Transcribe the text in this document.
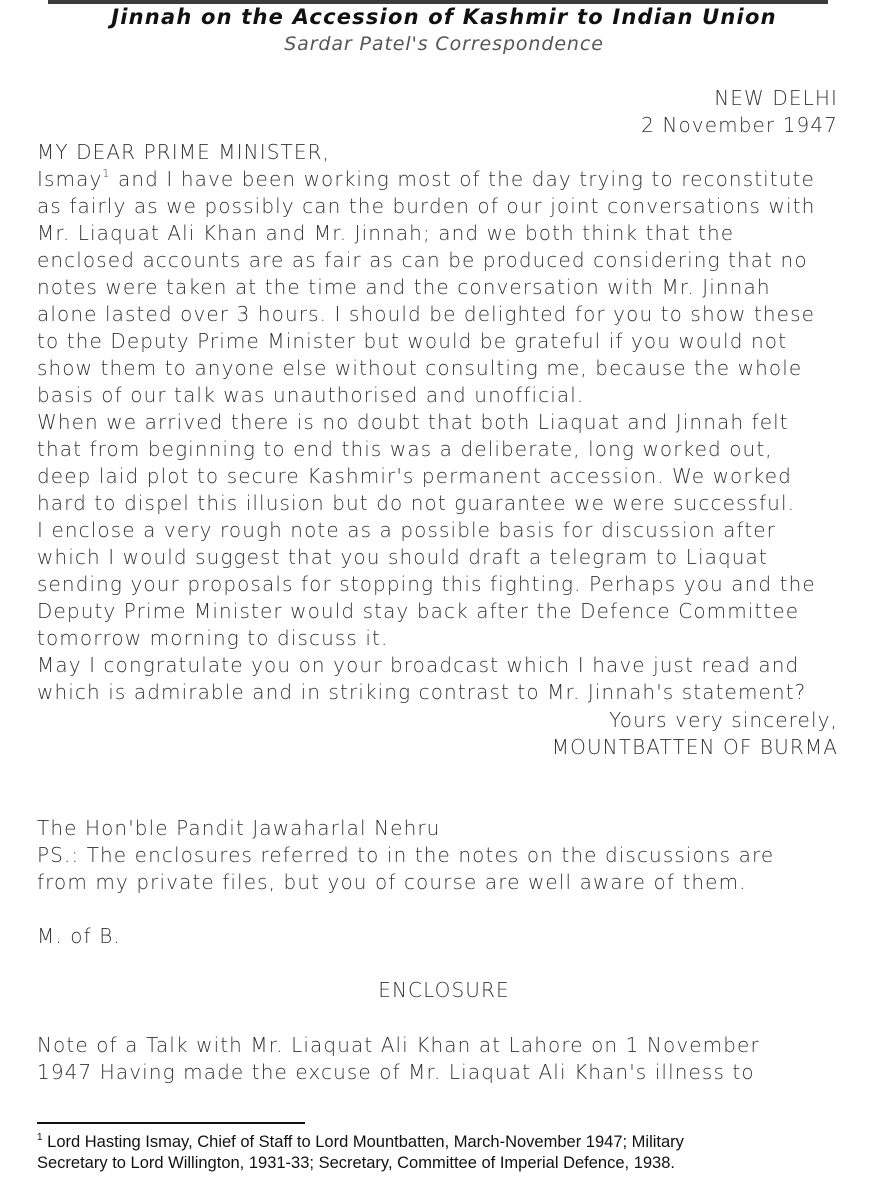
Jinnah on the Accession of Kashmir to Indian Union
Sardar Patel's Correspondence
NEW DELHI
2 November 1947
MY DEAR PRIME MINISTER,
Ismay$^1$ and I have been working most of the day trying to reconstitute
as fairly as we possibly can the burden of our joint conversations with
Mr. Liaquat Ali Khan and Mr. Jinnah; and we both think that the
enclosed accounts are as fair as can be produced considering that no
notes were taken at the time and the conversation with Mr. Jinnah
alone lasted over 3 hours. I should be delighted for you to show these
to the Deputy Prime Minister but would be grateful if you would not
show them to anyone else without consulting me, because the whole
basis of our talk was unauthorised and unofficial.
When we arrived there is no doubt that both Liaquat and Jinnah felt
that from beginning to end this was a deliberate, long worked out,
deep laid plot to secure Kashmir's permanent accession. We worked
hard to dispel this illusion but do not guarantee we were successful.
I enclose a very rough note as a possible basis for discussion after
which I would suggest that you should draft a telegram to Liaquat
sending your proposals for stopping this fighting. Perhaps you and the
Deputy Prime Minister would stay back after the Defence Committee
tomorrow morning to discuss it.
May I congratulate you on your broadcast which I have just read and
which is admirable and in striking contrast to Mr. Jinnah's statement?
Yours very sincerely,
MOUNTBATTEN OF BURMA
The Hon'ble Pandit Jawaharlal Nehru
PS.: The enclosures referred to in the notes on the discussions are
from my private files, but you of course are well aware of them.
M. of B.
ENCLOSURE
Note of a Talk with Mr. Liaquat Ali Khan at Lahore on 1 November
1947 Having made the excuse of Mr. Liaquat Ali Khan's illness to
$^1$ Lord Hasting Ismay, Chief of Staff to Lord Mountbatten, March-November 1947; Military
Secretary to Lord Willington, 1931-33; Secretary, Committee of Imperial Defence, 1938.
